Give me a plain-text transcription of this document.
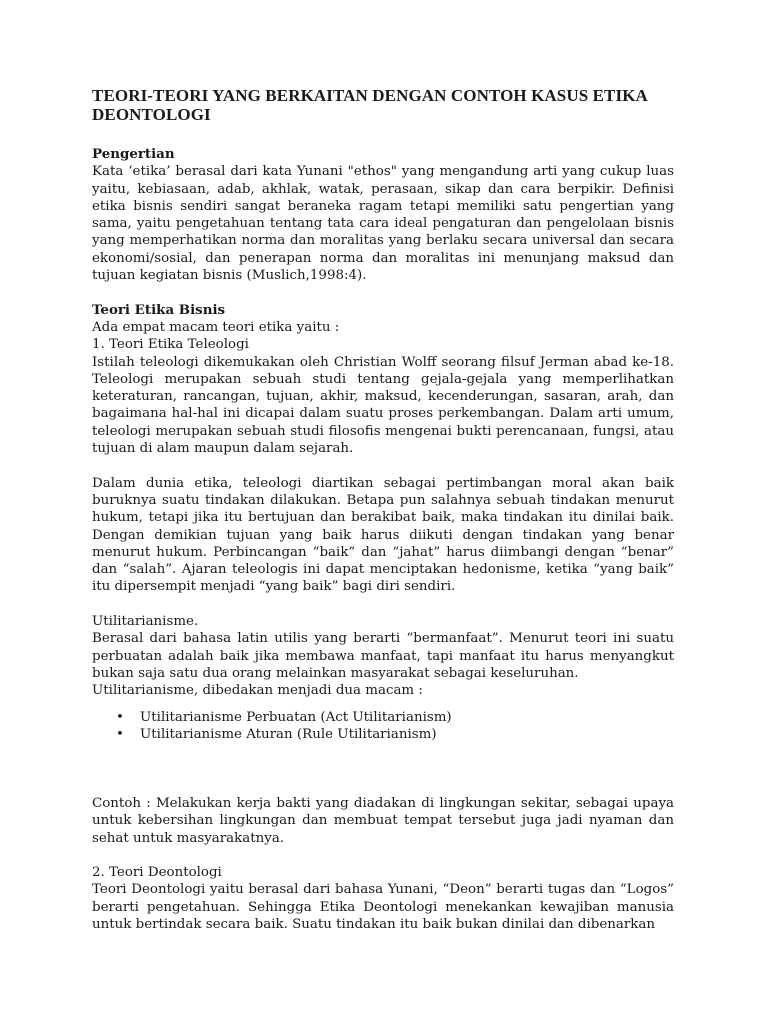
TEORI-TEORI YANG BERKAITAN DENGAN CONTOH KASUS ETIKA DEONTOLOGI
Pengertian

Kata ‘etika’ berasal dari kata Yunani "ethos" yang mengandung arti yang cukup luas yaitu, kebiasaan, adab, akhlak, watak, perasaan, sikap dan cara berpikir. Definisi etika bisnis sendiri sangat beraneka ragam tetapi memiliki satu pengertian yang sama, yaitu pengetahuan tentang tata cara ideal pengaturan dan pengelolaan bisnis yang memperhatikan norma dan moralitas yang berlaku secara universal dan secara ekonomi/sosial, dan penerapan norma dan moralitas ini menunjang maksud dan tujuan kegiatan bisnis (Muslich,1998:4).

Teori Etika Bisnis

Ada empat macam teori etika yaitu :

1. Teori Etika Teleologi

Istilah teleologi dikemukakan oleh Christian Wolff seorang filsuf Jerman abad ke-18. Teleologi merupakan sebuah studi tentang gejala-gejala yang memperlihatkan keteraturan, rancangan, tujuan, akhir, maksud, kecenderungan, sasaran, arah, dan bagaimana hal-hal ini dicapai dalam suatu proses perkembangan. Dalam arti umum, teleologi merupakan sebuah studi filosofis mengenai bukti perencanaan, fungsi, atau tujuan di alam maupun dalam sejarah.

Dalam dunia etika, teleologi diartikan sebagai pertimbangan moral akan baik buruknya suatu tindakan dilakukan. Betapa pun salahnya sebuah tindakan menurut hukum, tetapi jika itu bertujuan dan berakibat baik, maka tindakan itu dinilai baik. Dengan demikian tujuan yang baik harus diikuti dengan tindakan yang benar menurut hukum. Perbincangan “baik” dan “jahat” harus diimbangi dengan “benar” dan “salah”. Ajaran teleologis ini dapat menciptakan hedonisme, ketika “yang baik” itu dipersempit menjadi “yang baik” bagi diri sendiri.

Utilitarianisme.

Berasal dari bahasa latin utilis yang berarti “bermanfaat”. Menurut teori ini suatu perbuatan adalah baik jika membawa manfaat, tapi manfaat itu harus menyangkut bukan saja satu dua orang melainkan masyarakat sebagai keseluruhan.

Utilitarianisme, dibedakan menjadi dua macam :

• Utilitarianisme Perbuatan (Act Utilitarianism)
• Utilitarianisme Aturan (Rule Utilitarianism)

Contoh : Melakukan kerja bakti yang diadakan di lingkungan sekitar, sebagai upaya untuk kebersihan lingkungan dan membuat tempat tersebut juga jadi nyaman dan sehat untuk masyarakatnya.

2. Teori Deontologi

Teori Deontologi yaitu berasal dari bahasa Yunani, “Deon” berarti tugas dan “Logos” berarti pengetahuan. Sehingga Etika Deontologi menekankan kewajiban manusia untuk bertindak secara baik. Suatu tindakan itu baik bukan dinilai dan dibenarkan
